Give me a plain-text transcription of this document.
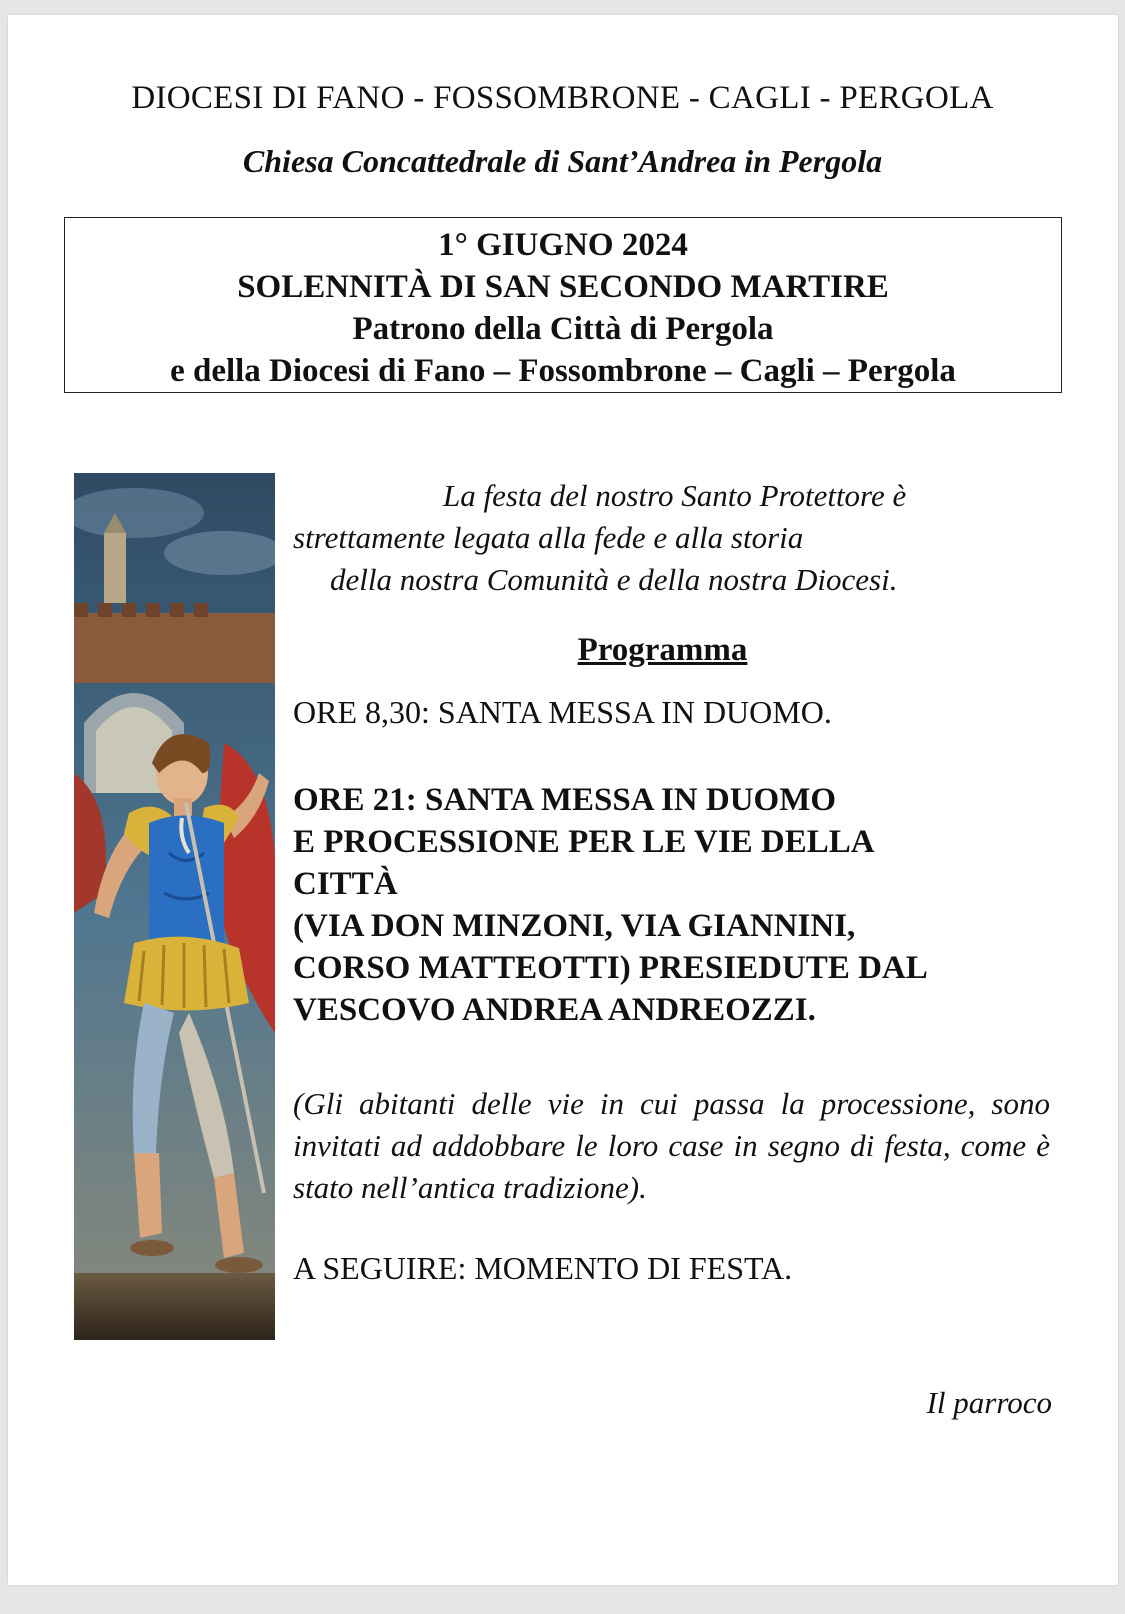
DIOCESI DI FANO - FOSSOMBRONE - CAGLI - PERGOLA
Chiesa Concattedrale di Sant’Andrea in Pergola
1° GIUGNO 2024
SOLENNITÀ DI SAN SECONDO MARTIRE
Patrono della Città di Pergola
e della Diocesi di Fano – Fossombrone – Cagli – Pergola
La festa del nostro Santo Protettore è
strettamente legata alla fede e alla storia
della nostra Comunità e della nostra Diocesi.
Programma
ORE 8,30: SANTA MESSA IN DUOMO.
ORE 21: SANTA MESSA IN DUOMO
E PROCESSIONE PER LE VIE DELLA
CITTÀ
(VIA DON MINZONI, VIA GIANNINI,
CORSO MATTEOTTI) PRESIEDUTE DAL
VESCOVO ANDREA ANDREOZZI.
(Gli abitanti delle vie in cui passa la processione, sono invitati ad addobbare le loro case in segno di festa, come è stato nell’antica tradizione).
A SEGUIRE: MOMENTO DI FESTA.
Il parroco
